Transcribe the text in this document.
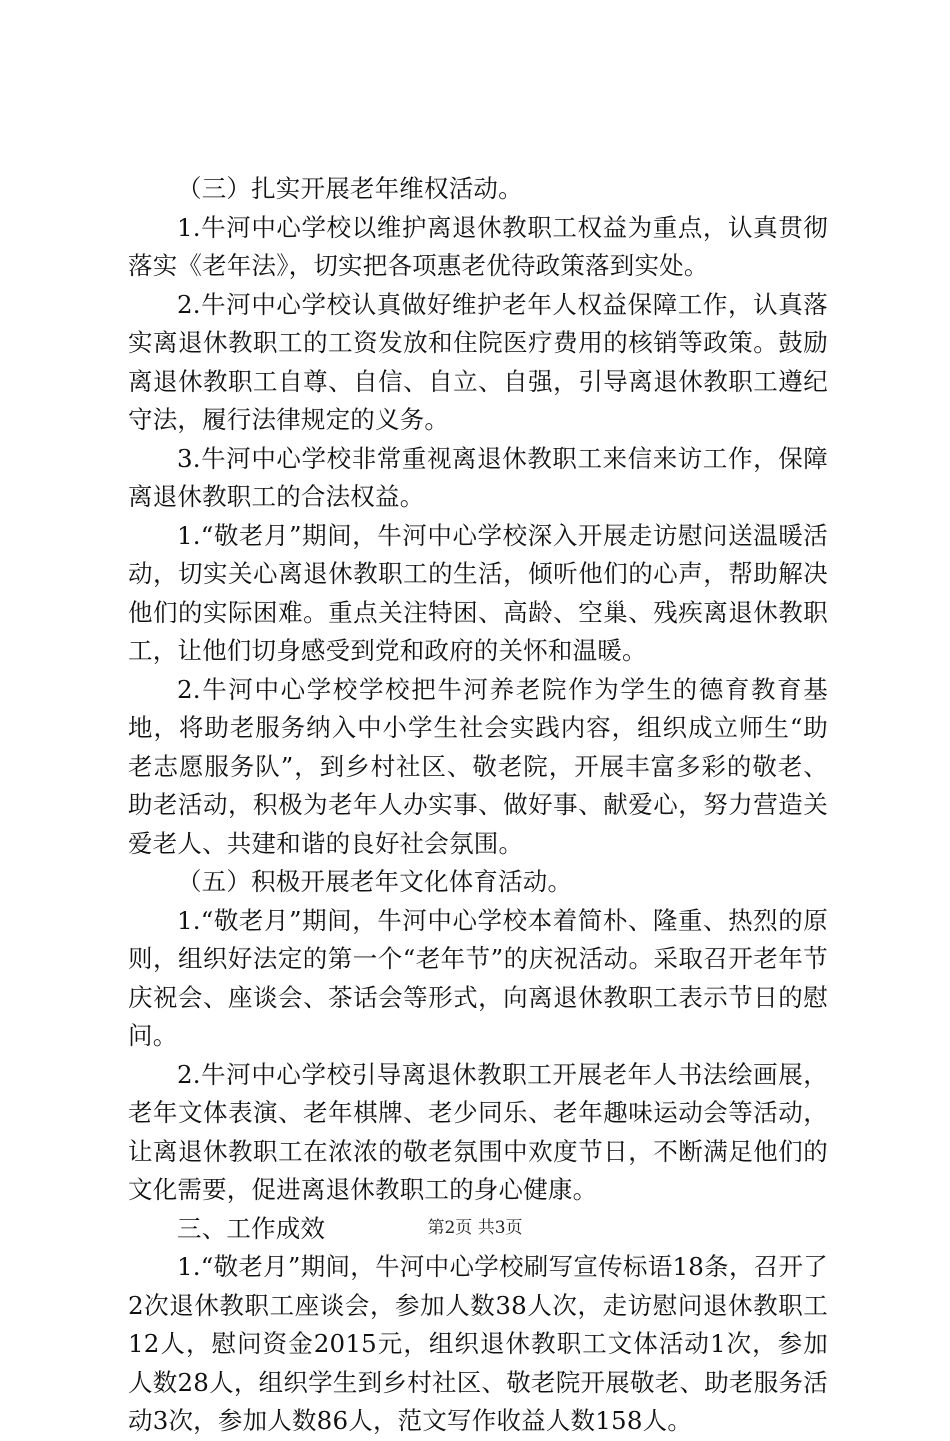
（三）扎实开展老年维权活动。

1.牛河中心学校以维护离退休教职工权益为重点，认真贯彻落实《老年法》，切实把各项惠老优待政策落到实处。

2.牛河中心学校认真做好维护老年人权益保障工作，认真落实离退休教职工的工资发放和住院医疗费用的核销等政策。鼓励离退休教职工自尊、自信、自立、自强，引导离退休教职工遵纪守法，履行法律规定的义务。

3.牛河中心学校非常重视离退休教职工来信来访工作，保障离退休教职工的合法权益。

1.“敬老月”期间，牛河中心学校深入开展走访慰问送温暖活动，切实关心离退休教职工的生活，倾听他们的心声，帮助解决他们的实际困难。重点关注特困、高龄、空巢、残疾离退休教职工，让他们切身感受到党和政府的关怀和温暖。

2.牛河中心学校学校把牛河养老院作为学生的德育教育基地，将助老服务纳入中小学生社会实践内容，组织成立师生“助老志愿服务队”，到乡村社区、敬老院，开展丰富多彩的敬老、助老活动，积极为老年人办实事、做好事、献爱心，努力营造关爱老人、共建和谐的良好社会氛围。

（五）积极开展老年文化体育活动。

1.“敬老月”期间，牛河中心学校本着简朴、隆重、热烈的原则，组织好法定的第一个“老年节”的庆祝活动。采取召开老年节庆祝会、座谈会、茶话会等形式，向离退休教职工表示节日的慰问。

2.牛河中心学校引导离退休教职工开展老年人书法绘画展，老年文体表演、老年棋牌、老少同乐、老年趣味运动会等活动，让离退休教职工在浓浓的敬老氛围中欢度节日，不断满足他们的文化需要，促进离退休教职工的身心健康。

三、工作成效

1.“敬老月”期间，牛河中心学校刷写宣传标语18条，召开了2次退休教职工座谈会，参加人数38人次，走访慰问退休教职工12人，慰问资金2015元，组织退休教职工文体活动1次，参加人数28人，组织学生到乡村社区、敬老院开展敬老、助老服务活动3次，参加人数86人，范文写作收益人数158人。

第2页 共3页
